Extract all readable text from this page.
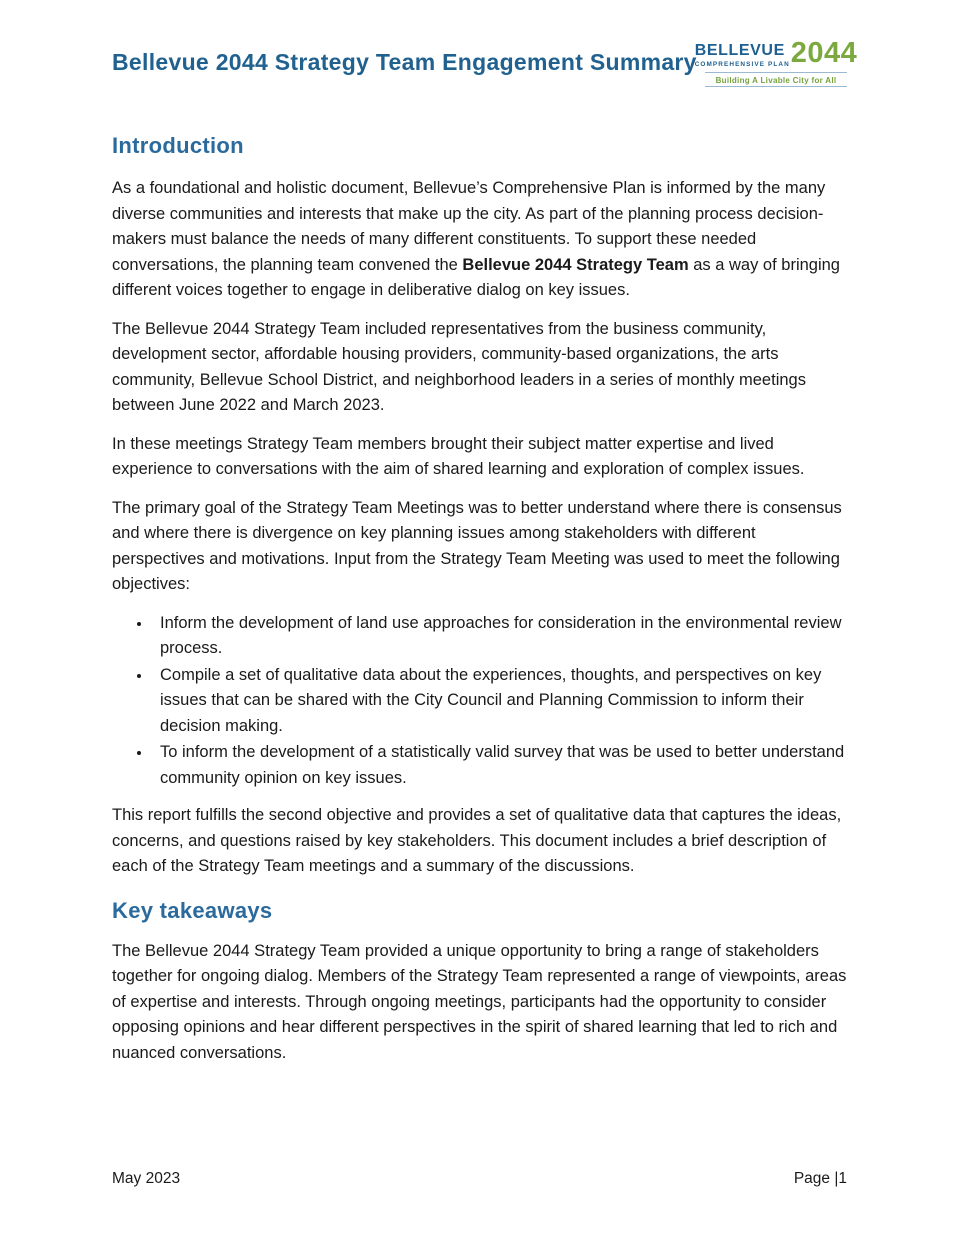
Bellevue 2044 Strategy Team Engagement Summary
BELLEVUE
COMPREHENSIVE PLAN 2044
Building A Livable City for All
Introduction

As a foundational and holistic document, Bellevue’s Comprehensive Plan is informed by the many diverse communities and interests that make up the city. As part of the planning process decision-makers must balance the needs of many different constituents. To support these needed conversations, the planning team convened the Bellevue 2044 Strategy Team as a way of bringing different voices together to engage in deliberative dialog on key issues.

The Bellevue 2044 Strategy Team included representatives from the business community, development sector, affordable housing providers, community-based organizations, the arts community, Bellevue School District, and neighborhood leaders in a series of monthly meetings between June 2022 and March 2023.

In these meetings Strategy Team members brought their subject matter expertise and lived experience to conversations with the aim of shared learning and exploration of complex issues.

The primary goal of the Strategy Team Meetings was to better understand where there is consensus and where there is divergence on key planning issues among stakeholders with different perspectives and motivations. Input from the Strategy Team Meeting was used to meet the following objectives:

• Inform the development of land use approaches for consideration in the environmental review process.
• Compile a set of qualitative data about the experiences, thoughts, and perspectives on key issues that can be shared with the City Council and Planning Commission to inform their decision making.
• To inform the development of a statistically valid survey that was be used to better understand community opinion on key issues.

This report fulfills the second objective and provides a set of qualitative data that captures the ideas, concerns, and questions raised by key stakeholders. This document includes a brief description of each of the Strategy Team meetings and a summary of the discussions.

Key takeaways

The Bellevue 2044 Strategy Team provided a unique opportunity to bring a range of stakeholders together for ongoing dialog. Members of the Strategy Team represented a range of viewpoints, areas of expertise and interests. Through ongoing meetings, participants had the opportunity to consider opposing opinions and hear different perspectives in the spirit of shared learning that led to rich and nuanced conversations.

May 2023	Page |1
